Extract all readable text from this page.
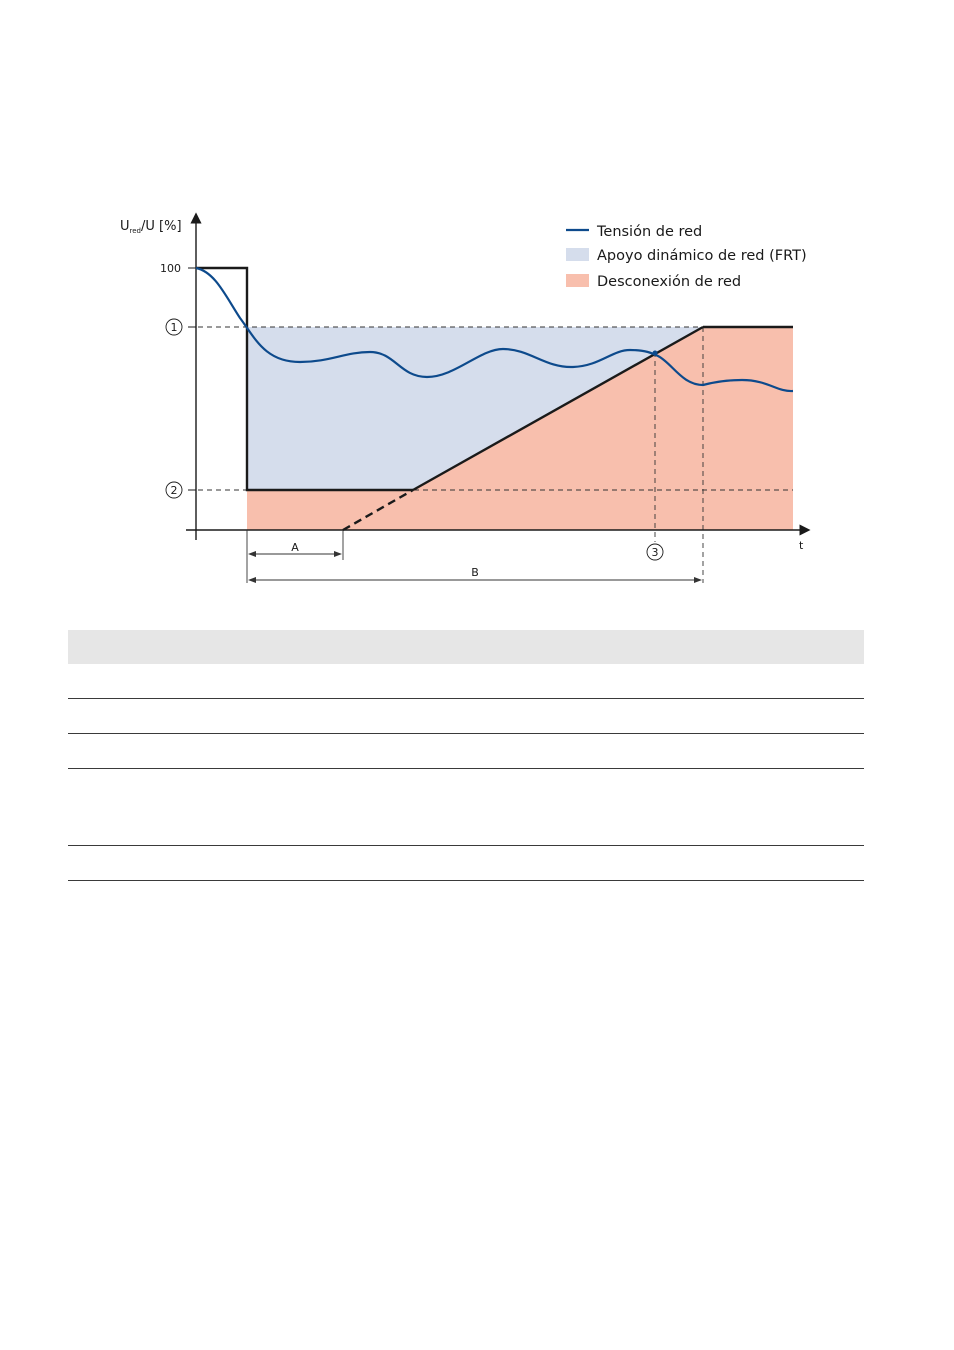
$U_{red}/U$ [%]
100
1
2
3
t
A
B
Tensión de red
Apoyo dinámico de red (FRT)
Desconexión de red
